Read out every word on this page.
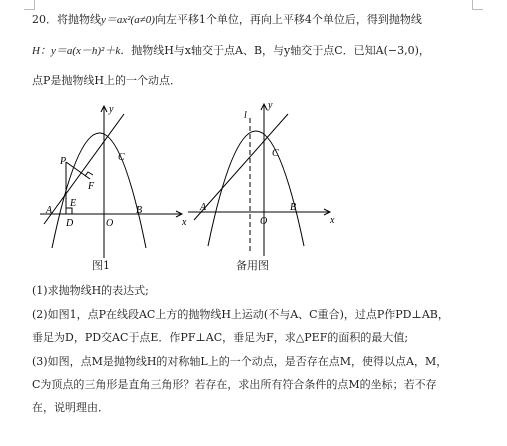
20．将抛物线y＝ax²(a≠0)向左平移1个单位，再向上平移4个单位后，得到抛物线
H：y＝a(x－h)²＋k．抛物线H与x轴交于点A、B，与y轴交于点C．已知A(−3,0)，
点P是抛物线H上的一个动点．
y
x
O
A	B
C
D
E
F
P
图1
y
x
O
A	B
C
l
备用图
(1)求抛物线H的表达式;
(2)如图1，点P在线段AC上方的抛物线H上运动(不与A、C重合)，过点P作PD⊥AB，
垂足为D，PD交AC于点E．作PF⊥AC，垂足为F，求△PEF的面积的最大值;
(3)如图，点M是抛物线H的对称轴L上的一个动点，是否存在点M，使得以点A，M，
C为顶点的三角形是直角三角形？若存在，求出所有符合条件的点M的坐标；若不存
在，说明理由．
